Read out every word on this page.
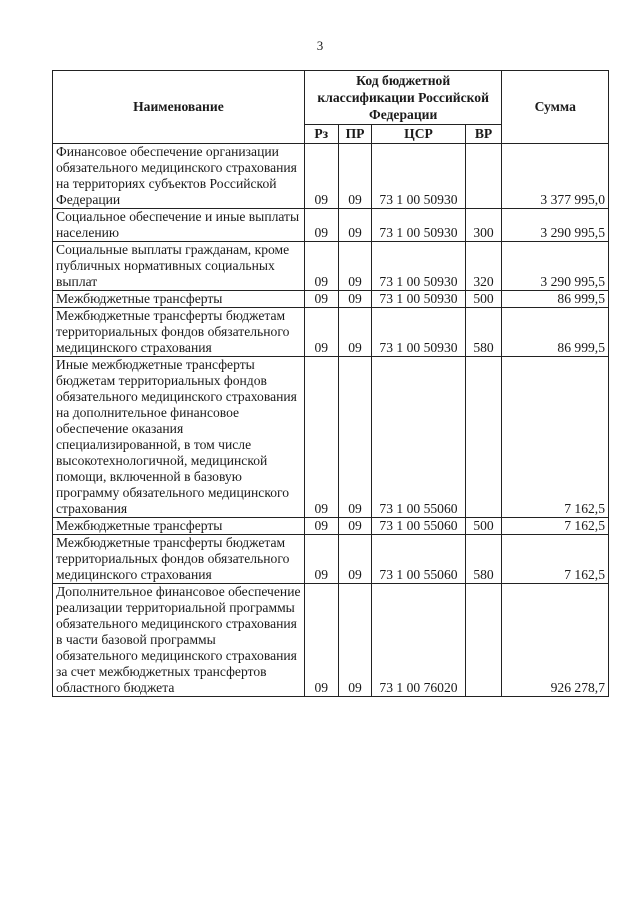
3
Наименование	Код бюджетной классификации Российской Федерации				Сумма
	Рз	ПР	ЦСР	ВР	
Финансовое обеспечение организации обязательного медицинского страхования на территориях субъектов Российской Федерации	09	09	73 1 00 50930		3 377 995,0
Социальное обеспечение и иные выплаты населению	09	09	73 1 00 50930	300	3 290 995,5
Социальные выплаты гражданам, кроме публичных нормативных социальных выплат	09	09	73 1 00 50930	320	3 290 995,5
Межбюджетные трансферты	09	09	73 1 00 50930	500	86 999,5
Межбюджетные трансферты бюджетам территориальных фондов обязательного медицинского страхования	09	09	73 1 00 50930	580	86 999,5
Иные межбюджетные трансферты бюджетам территориальных фондов обязательного медицинского страхования на дополнительное финансовое обеспечение оказания специализированной, в том числе высокотехнологичной, медицинской помощи, включенной в базовую программу обязательного медицинского страхования	09	09	73 1 00 55060		7 162,5
Межбюджетные трансферты	09	09	73 1 00 55060	500	7 162,5
Межбюджетные трансферты бюджетам территориальных фондов обязательного медицинского страхования	09	09	73 1 00 55060	580	7 162,5
Дополнительное финансовое обеспечение реализации территориальной программы обязательного медицинского страхования в части базовой программы обязательного медицинского страхования за счет межбюджетных трансфертов областного бюджета	09	09	73 1 00 76020		926 278,7
